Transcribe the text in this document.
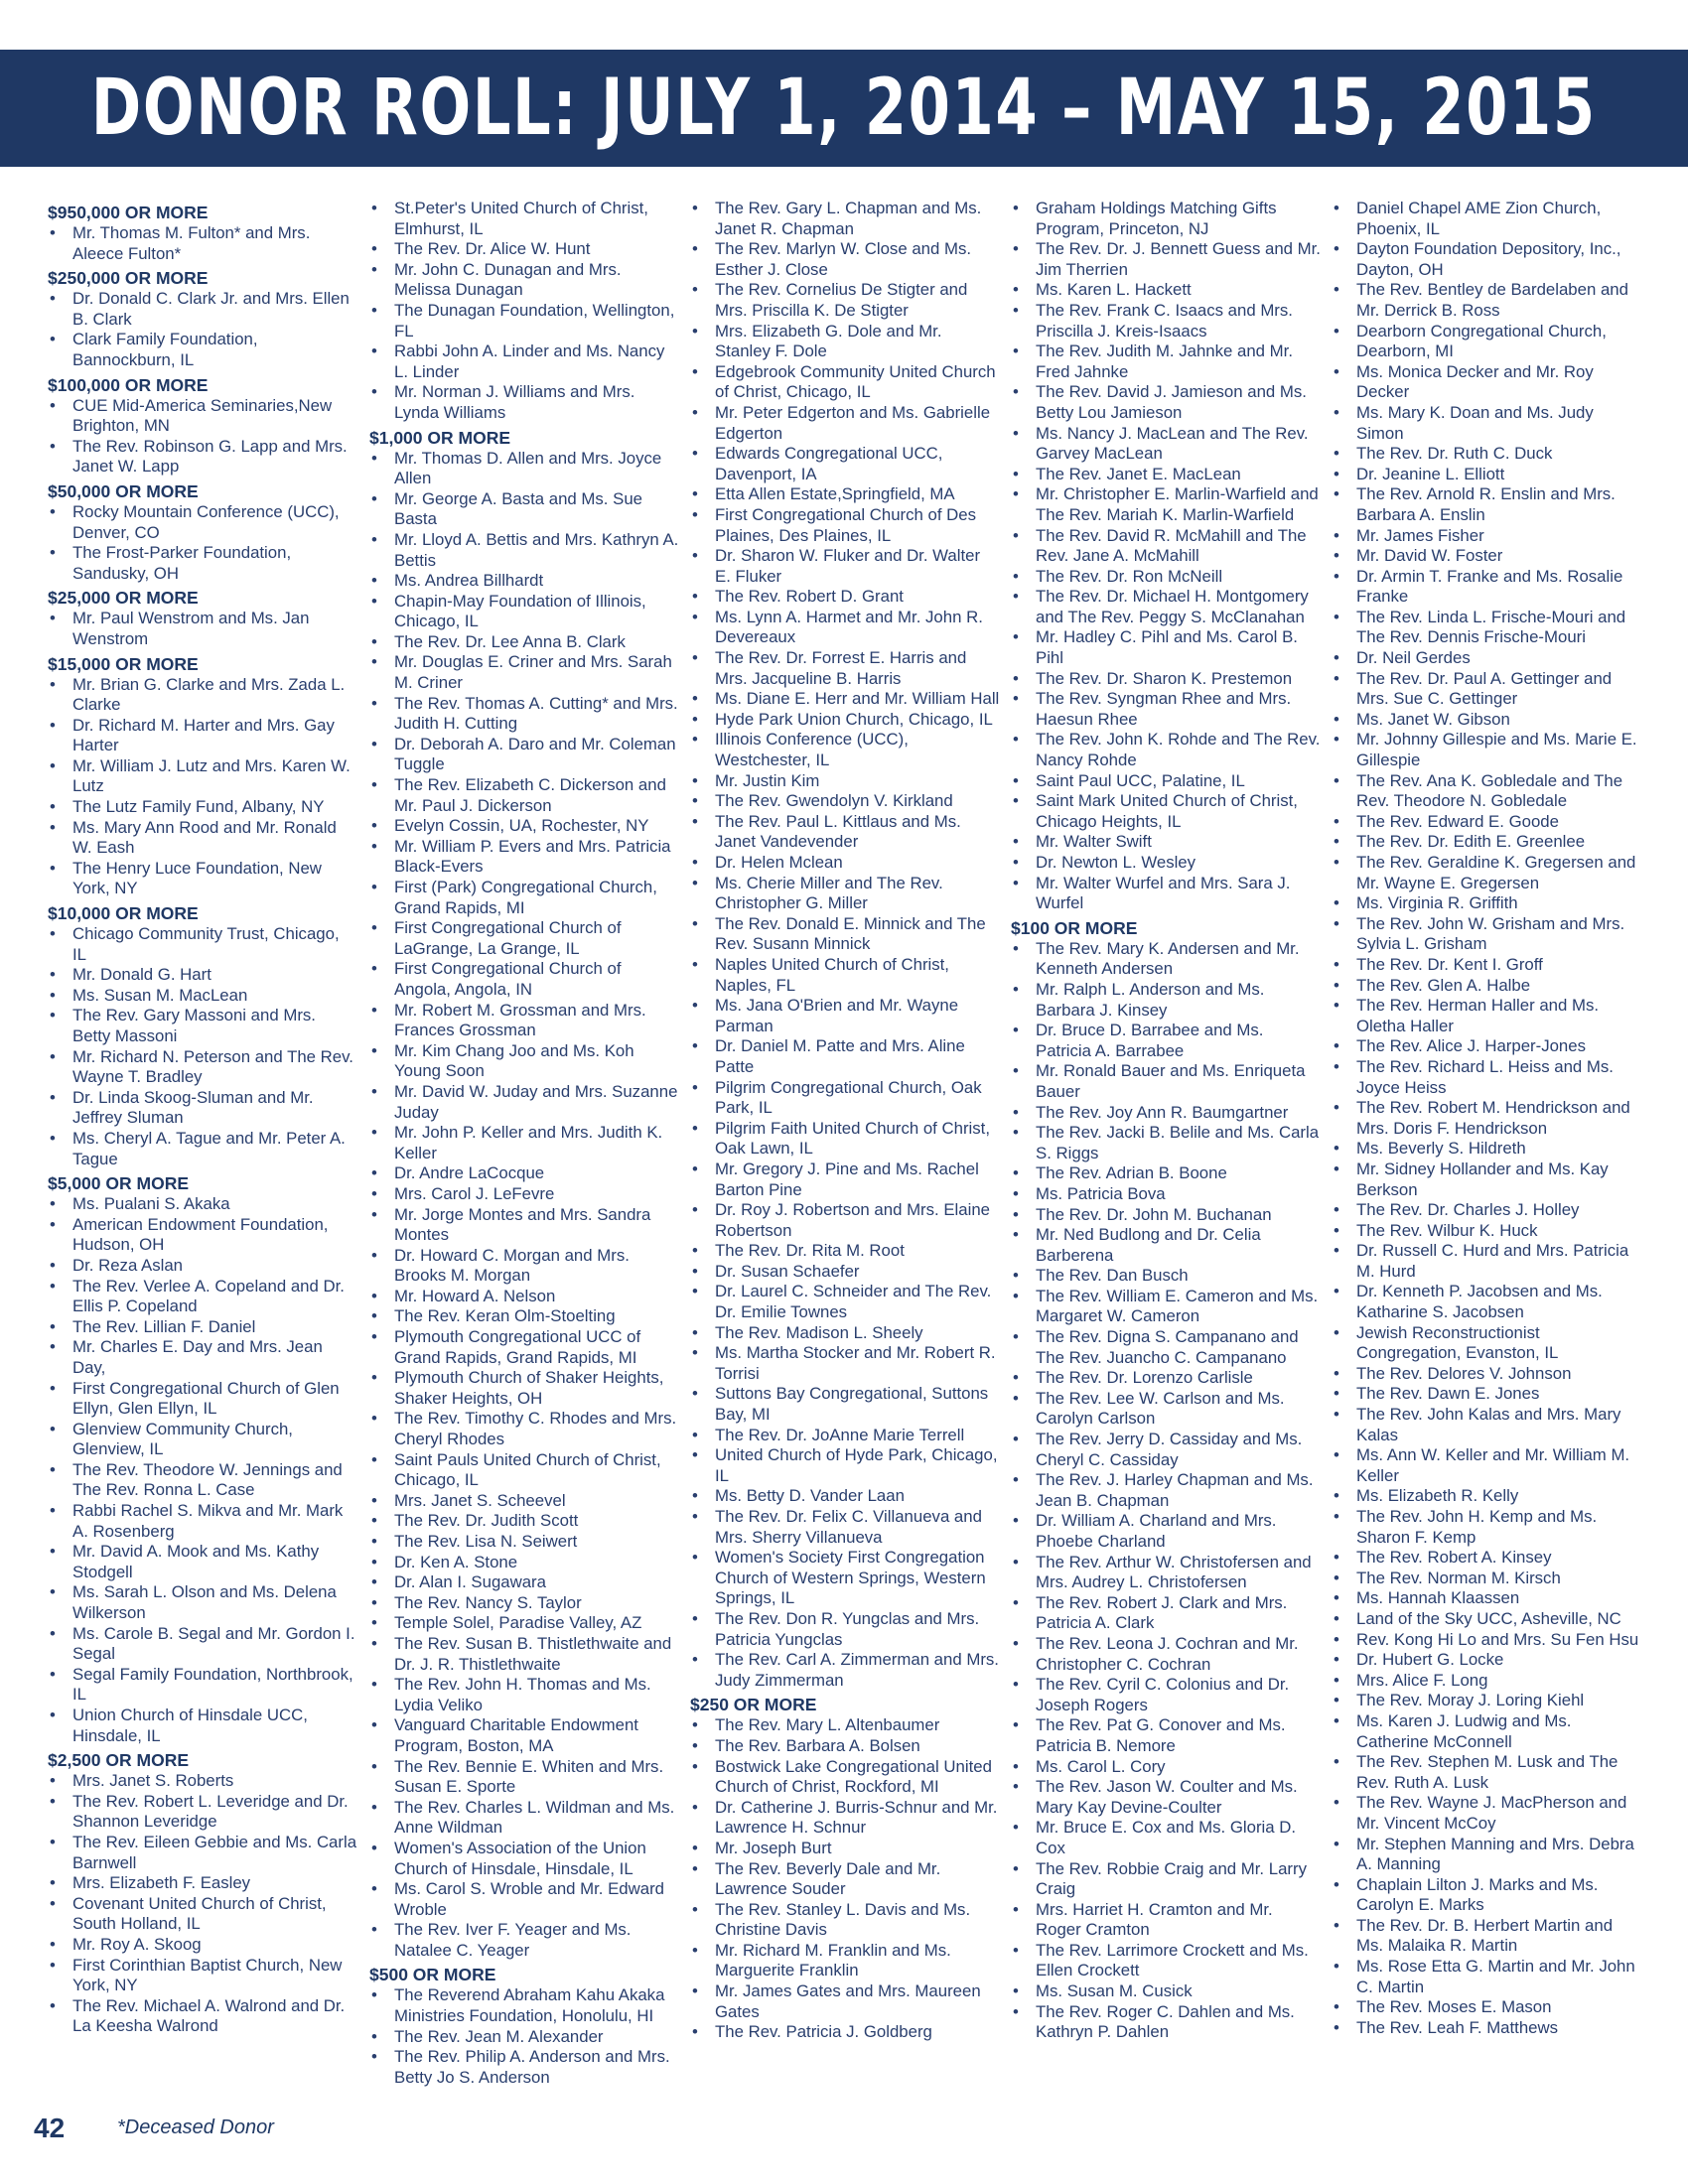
DONOR ROLL: JULY 1, 2014 – MAY 15, 2015
$950,000 OR MORE
• Mr. Thomas M. Fulton* and Mrs. Aleece Fulton*
$250,000 OR MORE
• Dr. Donald C. Clark Jr. and Mrs. Ellen B. Clark
• Clark Family Foundation, Bannockburn, IL
$100,000 OR MORE
• CUE Mid-America Seminaries,New Brighton, MN
• The Rev. Robinson G. Lapp and Mrs. Janet W. Lapp
$50,000 OR MORE
• Rocky Mountain Conference (UCC), Denver, CO
• The Frost-Parker Foundation, Sandusky, OH
$25,000 OR MORE
• Mr. Paul Wenstrom and Ms. Jan Wenstrom
$15,000 OR MORE
• Mr. Brian G. Clarke and Mrs. Zada L. Clarke
• Dr. Richard M. Harter and Mrs. Gay Harter
• Mr. William J. Lutz and Mrs. Karen W. Lutz
• The Lutz Family Fund, Albany, NY
• Ms. Mary Ann Rood and Mr. Ronald W. Eash
• The Henry Luce Foundation, New York, NY
$10,000 OR MORE
• Chicago Community Trust, Chicago, IL
• Mr. Donald G. Hart
• Ms. Susan M. MacLean
• The Rev. Gary Massoni and Mrs. Betty Massoni
• Mr. Richard N. Peterson and The Rev. Wayne T. Bradley
• Dr. Linda Skoog-Sluman and Mr. Jeffrey Sluman
• Ms. Cheryl A. Tague and Mr. Peter A. Tague
$5,000 OR MORE
• Ms. Pualani S. Akaka
• American Endowment Foundation, Hudson, OH
• Dr. Reza Aslan
• The Rev. Verlee A. Copeland and Dr. Ellis P. Copeland
• The Rev. Lillian F. Daniel
• Mr. Charles E. Day and Mrs. Jean Day,
• First Congregational Church of Glen Ellyn, Glen Ellyn, IL
• Glenview Community Church, Glenview, IL
• The Rev. Theodore W. Jennings and The Rev. Ronna L. Case
• Rabbi Rachel S. Mikva and Mr. Mark A. Rosenberg
• Mr. David A. Mook and Ms. Kathy Stodgell
• Ms. Sarah L. Olson and Ms. Delena Wilkerson
• Ms. Carole B. Segal and Mr. Gordon I. Segal
• Segal Family Foundation, Northbrook, IL
• Union Church of Hinsdale UCC, Hinsdale, IL
$2,500 OR MORE
• Mrs. Janet S. Roberts
• The Rev. Robert L. Leveridge and Dr. Shannon Leveridge
• The Rev. Eileen Gebbie and Ms. Carla Barnwell
• Mrs. Elizabeth F. Easley
• Covenant United Church of Christ, South Holland, IL
• Mr. Roy A. Skoog
• First Corinthian Baptist Church, New York, NY
• The Rev. Michael A. Walrond and Dr. La Keesha Walrond
• St.Peter's United Church of Christ, Elmhurst, IL
• The Rev. Dr. Alice W. Hunt
• Mr. John C. Dunagan and Mrs. Melissa Dunagan
• The Dunagan Foundation, Wellington, FL
• Rabbi John A. Linder and Ms. Nancy L. Linder
• Mr. Norman J. Williams and Mrs. Lynda Williams
$1,000 OR MORE
• Mr. Thomas D. Allen and Mrs. Joyce Allen
• Mr. George A. Basta and Ms. Sue Basta
• Mr. Lloyd A. Bettis and Mrs. Kathryn A. Bettis
• Ms. Andrea Billhardt
• Chapin-May Foundation of Illinois, Chicago, IL
• The Rev. Dr. Lee Anna B. Clark
• Mr. Douglas E. Criner and Mrs. Sarah M. Criner
• The Rev. Thomas A. Cutting* and Mrs. Judith H. Cutting
• Dr. Deborah A. Daro and Mr. Coleman Tuggle
• The Rev. Elizabeth C. Dickerson and Mr. Paul J. Dickerson
• Evelyn Cossin, UA, Rochester, NY
• Mr. William P. Evers and Mrs. Patricia Black-Evers
• First (Park) Congregational Church, Grand Rapids, MI
• First Congregational Church of LaGrange, La Grange, IL
• First Congregational Church of Angola, Angola, IN
• Mr. Robert M. Grossman and Mrs. Frances Grossman
• Mr. Kim Chang Joo and Ms. Koh Young Soon
• Mr. David W. Juday and Mrs. Suzanne Juday
• Mr. John P. Keller and Mrs. Judith K. Keller
• Dr. Andre LaCocque
• Mrs. Carol J. LeFevre
• Mr. Jorge Montes and Mrs. Sandra Montes
• Dr. Howard C. Morgan and Mrs. Brooks M. Morgan
• Mr. Howard A. Nelson
• The Rev. Keran Olm-Stoelting
• Plymouth Congregational UCC of Grand Rapids, Grand Rapids, MI
• Plymouth Church of Shaker Heights, Shaker Heights, OH
• The Rev. Timothy C. Rhodes and Mrs. Cheryl Rhodes
• Saint Pauls United Church of Christ, Chicago, IL
• Mrs. Janet S. Scheevel
• The Rev. Dr. Judith Scott
• The Rev. Lisa N. Seiwert
• Dr. Ken A. Stone
• Dr. Alan I. Sugawara
• The Rev. Nancy S. Taylor
• Temple Solel, Paradise Valley, AZ
• The Rev. Susan B. Thistlethwaite and Dr. J. R. Thistlethwaite
• The Rev. John H. Thomas and Ms. Lydia Veliko
• Vanguard Charitable Endowment Program, Boston, MA
• The Rev. Bennie E. Whiten and Mrs. Susan E. Sporte
• The Rev. Charles L. Wildman and Ms. Anne Wildman
• Women's Association of the Union Church of Hinsdale, Hinsdale, IL
• Ms. Carol S. Wroble and Mr. Edward Wroble
• The Rev. Iver F. Yeager and Ms. Natalee C. Yeager
$500 OR MORE
• The Reverend Abraham Kahu Akaka Ministries Foundation, Honolulu, HI
• The Rev. Jean M. Alexander
• The Rev. Philip A. Anderson and Mrs. Betty Jo S. Anderson
• The Rev. Gary L. Chapman and Ms. Janet R. Chapman
• The Rev. Marlyn W. Close and Ms. Esther J. Close
• The Rev. Cornelius De Stigter and Mrs. Priscilla K. De Stigter
• Mrs. Elizabeth G. Dole and Mr. Stanley F. Dole
• Edgebrook Community United Church of Christ, Chicago, IL
• Mr. Peter Edgerton and Ms. Gabrielle Edgerton
• Edwards Congregational UCC, Davenport, IA
• Etta Allen Estate,Springfield, MA
• First Congregational Church of Des Plaines, Des Plaines, IL
• Dr. Sharon W. Fluker and Dr. Walter E. Fluker
• The Rev. Robert D. Grant
• Ms. Lynn A. Harmet and Mr. John R. Devereaux
• The Rev. Dr. Forrest E. Harris and Mrs. Jacqueline B. Harris
• Ms. Diane E. Herr and Mr. William Hall
• Hyde Park Union Church, Chicago, IL
• Illinois Conference (UCC), Westchester, IL
• Mr. Justin Kim
• The Rev. Gwendolyn V. Kirkland
• The Rev. Paul L. Kittlaus and Ms. Janet Vandevender
• Dr. Helen Mclean
• Ms. Cherie Miller and The Rev. Christopher G. Miller
• The Rev. Donald E. Minnick and The Rev. Susann Minnick
• Naples United Church of Christ, Naples, FL
• Ms. Jana O'Brien and Mr. Wayne Parman
• Dr. Daniel M. Patte and Mrs. Aline Patte
• Pilgrim Congregational Church, Oak Park, IL
• Pilgrim Faith United Church of Christ, Oak Lawn, IL
• Mr. Gregory J. Pine and Ms. Rachel Barton Pine
• Dr. Roy J. Robertson and Mrs. Elaine Robertson
• The Rev. Dr. Rita M. Root
• Dr. Susan Schaefer
• Dr. Laurel C. Schneider and The Rev. Dr. Emilie Townes
• The Rev. Madison L. Sheely
• Ms. Martha Stocker and Mr. Robert R. Torrisi
• Suttons Bay Congregational, Suttons Bay, MI
• The Rev. Dr. JoAnne Marie Terrell
• United Church of Hyde Park, Chicago, IL
• Ms. Betty D. Vander Laan
• The Rev. Dr. Felix C. Villanueva and Mrs. Sherry Villanueva
• Women's Society First Congregation Church of Western Springs, Western Springs, IL
• The Rev. Don R. Yungclas and Mrs. Patricia Yungclas
• The Rev. Carl A. Zimmerman and Mrs. Judy Zimmerman
$250 OR MORE
• The Rev. Mary L. Altenbaumer
• The Rev. Barbara A. Bolsen
• Bostwick Lake Congregational United Church of Christ, Rockford, MI
• Dr. Catherine J. Burris-Schnur and Mr. Lawrence H. Schnur
• Mr. Joseph Burt
• The Rev. Beverly Dale and Mr. Lawrence Souder
• The Rev. Stanley L. Davis and Ms. Christine Davis
• Mr. Richard M. Franklin and Ms. Marguerite Franklin
• Mr. James Gates and Mrs. Maureen Gates
• The Rev. Patricia J. Goldberg
• Graham Holdings Matching Gifts Program, Princeton, NJ
• The Rev. Dr. J. Bennett Guess and Mr. Jim Therrien
• Ms. Karen L. Hackett
• The Rev. Frank C. Isaacs and Mrs. Priscilla J. Kreis-Isaacs
• The Rev. Judith M. Jahnke and Mr. Fred Jahnke
• The Rev. David J. Jamieson and Ms. Betty Lou Jamieson
• Ms. Nancy J. MacLean and The Rev. Garvey MacLean
• The Rev. Janet E. MacLean
• Mr. Christopher E. Marlin-Warfield and The Rev. Mariah K. Marlin-Warfield
• The Rev. David R. McMahill and The Rev. Jane A. McMahill
• The Rev. Dr. Ron McNeill
• The Rev. Dr. Michael H. Montgomery and The Rev. Peggy S. McClanahan
• Mr. Hadley C. Pihl and Ms. Carol B. Pihl
• The Rev. Dr. Sharon K. Prestemon
• The Rev. Syngman Rhee and Mrs. Haesun Rhee
• The Rev. John K. Rohde and The Rev. Nancy Rohde
• Saint Paul UCC, Palatine, IL
• Saint Mark United Church of Christ, Chicago Heights, IL
• Mr. Walter Swift
• Dr. Newton L. Wesley
• Mr. Walter Wurfel and Mrs. Sara J. Wurfel
$100 OR MORE
• The Rev. Mary K. Andersen and Mr. Kenneth Andersen
• Mr. Ralph L. Anderson and Ms. Barbara J. Kinsey
• Dr. Bruce D. Barrabee and Ms. Patricia A. Barrabee
• Mr. Ronald Bauer and Ms. Enriqueta Bauer
• The Rev. Joy Ann R. Baumgartner
• The Rev. Jacki B. Belile and Ms. Carla S. Riggs
• The Rev. Adrian B. Boone
• Ms. Patricia Bova
• The Rev. Dr. John M. Buchanan
• Mr. Ned Budlong and Dr. Celia Barberena
• The Rev. Dan Busch
• The Rev. William E. Cameron and Ms. Margaret W. Cameron
• The Rev. Digna S. Campanano and The Rev. Juancho C. Campanano
• The Rev. Dr. Lorenzo Carlisle
• The Rev. Lee W. Carlson and Ms. Carolyn Carlson
• The Rev. Jerry D. Cassiday and Ms. Cheryl C. Cassiday
• The Rev. J. Harley Chapman and Ms. Jean B. Chapman
• Dr. William A. Charland and Mrs. Phoebe Charland
• The Rev. Arthur W. Christofersen and Mrs. Audrey L. Christofersen
• The Rev. Robert J. Clark and Mrs. Patricia A. Clark
• The Rev. Leona J. Cochran and Mr. Christopher C. Cochran
• The Rev. Cyril C. Colonius and Dr. Joseph Rogers
• The Rev. Pat G. Conover and Ms. Patricia B. Nemore
• Ms. Carol L. Cory
• The Rev. Jason W. Coulter and Ms. Mary Kay Devine-Coulter
• Mr. Bruce E. Cox and Ms. Gloria D. Cox
• The Rev. Robbie Craig and Mr. Larry Craig
• Mrs. Harriet H. Cramton and Mr. Roger Cramton
• The Rev. Larrimore Crockett and Ms. Ellen Crockett
• Ms. Susan M. Cusick
• The Rev. Roger C. Dahlen and Ms. Kathryn P. Dahlen
• Daniel Chapel AME Zion Church, Phoenix, IL
• Dayton Foundation Depository, Inc., Dayton, OH
• The Rev. Bentley de Bardelaben and Mr. Derrick B. Ross
• Dearborn Congregational Church, Dearborn, MI
• Ms. Monica Decker and Mr. Roy Decker
• Ms. Mary K. Doan and Ms. Judy Simon
• The Rev. Dr. Ruth C. Duck
• Dr. Jeanine L. Elliott
• The Rev. Arnold R. Enslin and Mrs. Barbara A. Enslin
• Mr. James Fisher
• Mr. David W. Foster
• Dr. Armin T. Franke and Ms. Rosalie Franke
• The Rev. Linda L. Frische-Mouri and The Rev. Dennis Frische-Mouri
• Dr. Neil Gerdes
• The Rev. Dr. Paul A. Gettinger and Mrs. Sue C. Gettinger
• Ms. Janet W. Gibson
• Mr. Johnny Gillespie and Ms. Marie E. Gillespie
• The Rev. Ana K. Gobledale and The Rev. Theodore N. Gobledale
• The Rev. Edward E. Goode
• The Rev. Dr. Edith E. Greenlee
• The Rev. Geraldine K. Gregersen and Mr. Wayne E. Gregersen
• Ms. Virginia R. Griffith
• The Rev. John W. Grisham and Mrs. Sylvia L. Grisham
• The Rev. Dr. Kent I. Groff
• The Rev. Glen A. Halbe
• The Rev. Herman Haller and Ms. Oletha Haller
• The Rev. Alice J. Harper-Jones
• The Rev. Richard L. Heiss and Ms. Joyce Heiss
• The Rev. Robert M. Hendrickson and Mrs. Doris F. Hendrickson
• Ms. Beverly S. Hildreth
• Mr. Sidney Hollander and Ms. Kay Berkson
• The Rev. Dr. Charles J. Holley
• The Rev. Wilbur K. Huck
• Dr. Russell C. Hurd and Mrs. Patricia M. Hurd
• Dr. Kenneth P. Jacobsen and Ms. Katharine S. Jacobsen
• Jewish Reconstructionist Congregation, Evanston, IL
• The Rev. Delores V. Johnson
• The Rev. Dawn E. Jones
• The Rev. John Kalas and Mrs. Mary Kalas
• Ms. Ann W. Keller and Mr. William M. Keller
• Ms. Elizabeth R. Kelly
• The Rev. John H. Kemp and Ms. Sharon F. Kemp
• The Rev. Robert A. Kinsey
• The Rev. Norman M. Kirsch
• Ms. Hannah Klaassen
• Land of the Sky UCC, Asheville, NC
• Rev. Kong Hi Lo and Mrs. Su Fen Hsu
• Dr. Hubert G. Locke
• Mrs. Alice F. Long
• The Rev. Moray J. Loring Kiehl
• Ms. Karen J. Ludwig and Ms. Catherine McConnell
• The Rev. Stephen M. Lusk and The Rev. Ruth A. Lusk
• The Rev. Wayne J. MacPherson and Mr. Vincent McCoy
• Mr. Stephen Manning and Mrs. Debra A. Manning
• Chaplain Lilton J. Marks and Ms. Carolyn E. Marks
• The Rev. Dr. B. Herbert Martin and Ms. Malaika R. Martin
• Ms. Rose Etta G. Martin and Mr. John C. Martin
• The Rev. Moses E. Mason
• The Rev. Leah F. Matthews
42	*Deceased Donor
